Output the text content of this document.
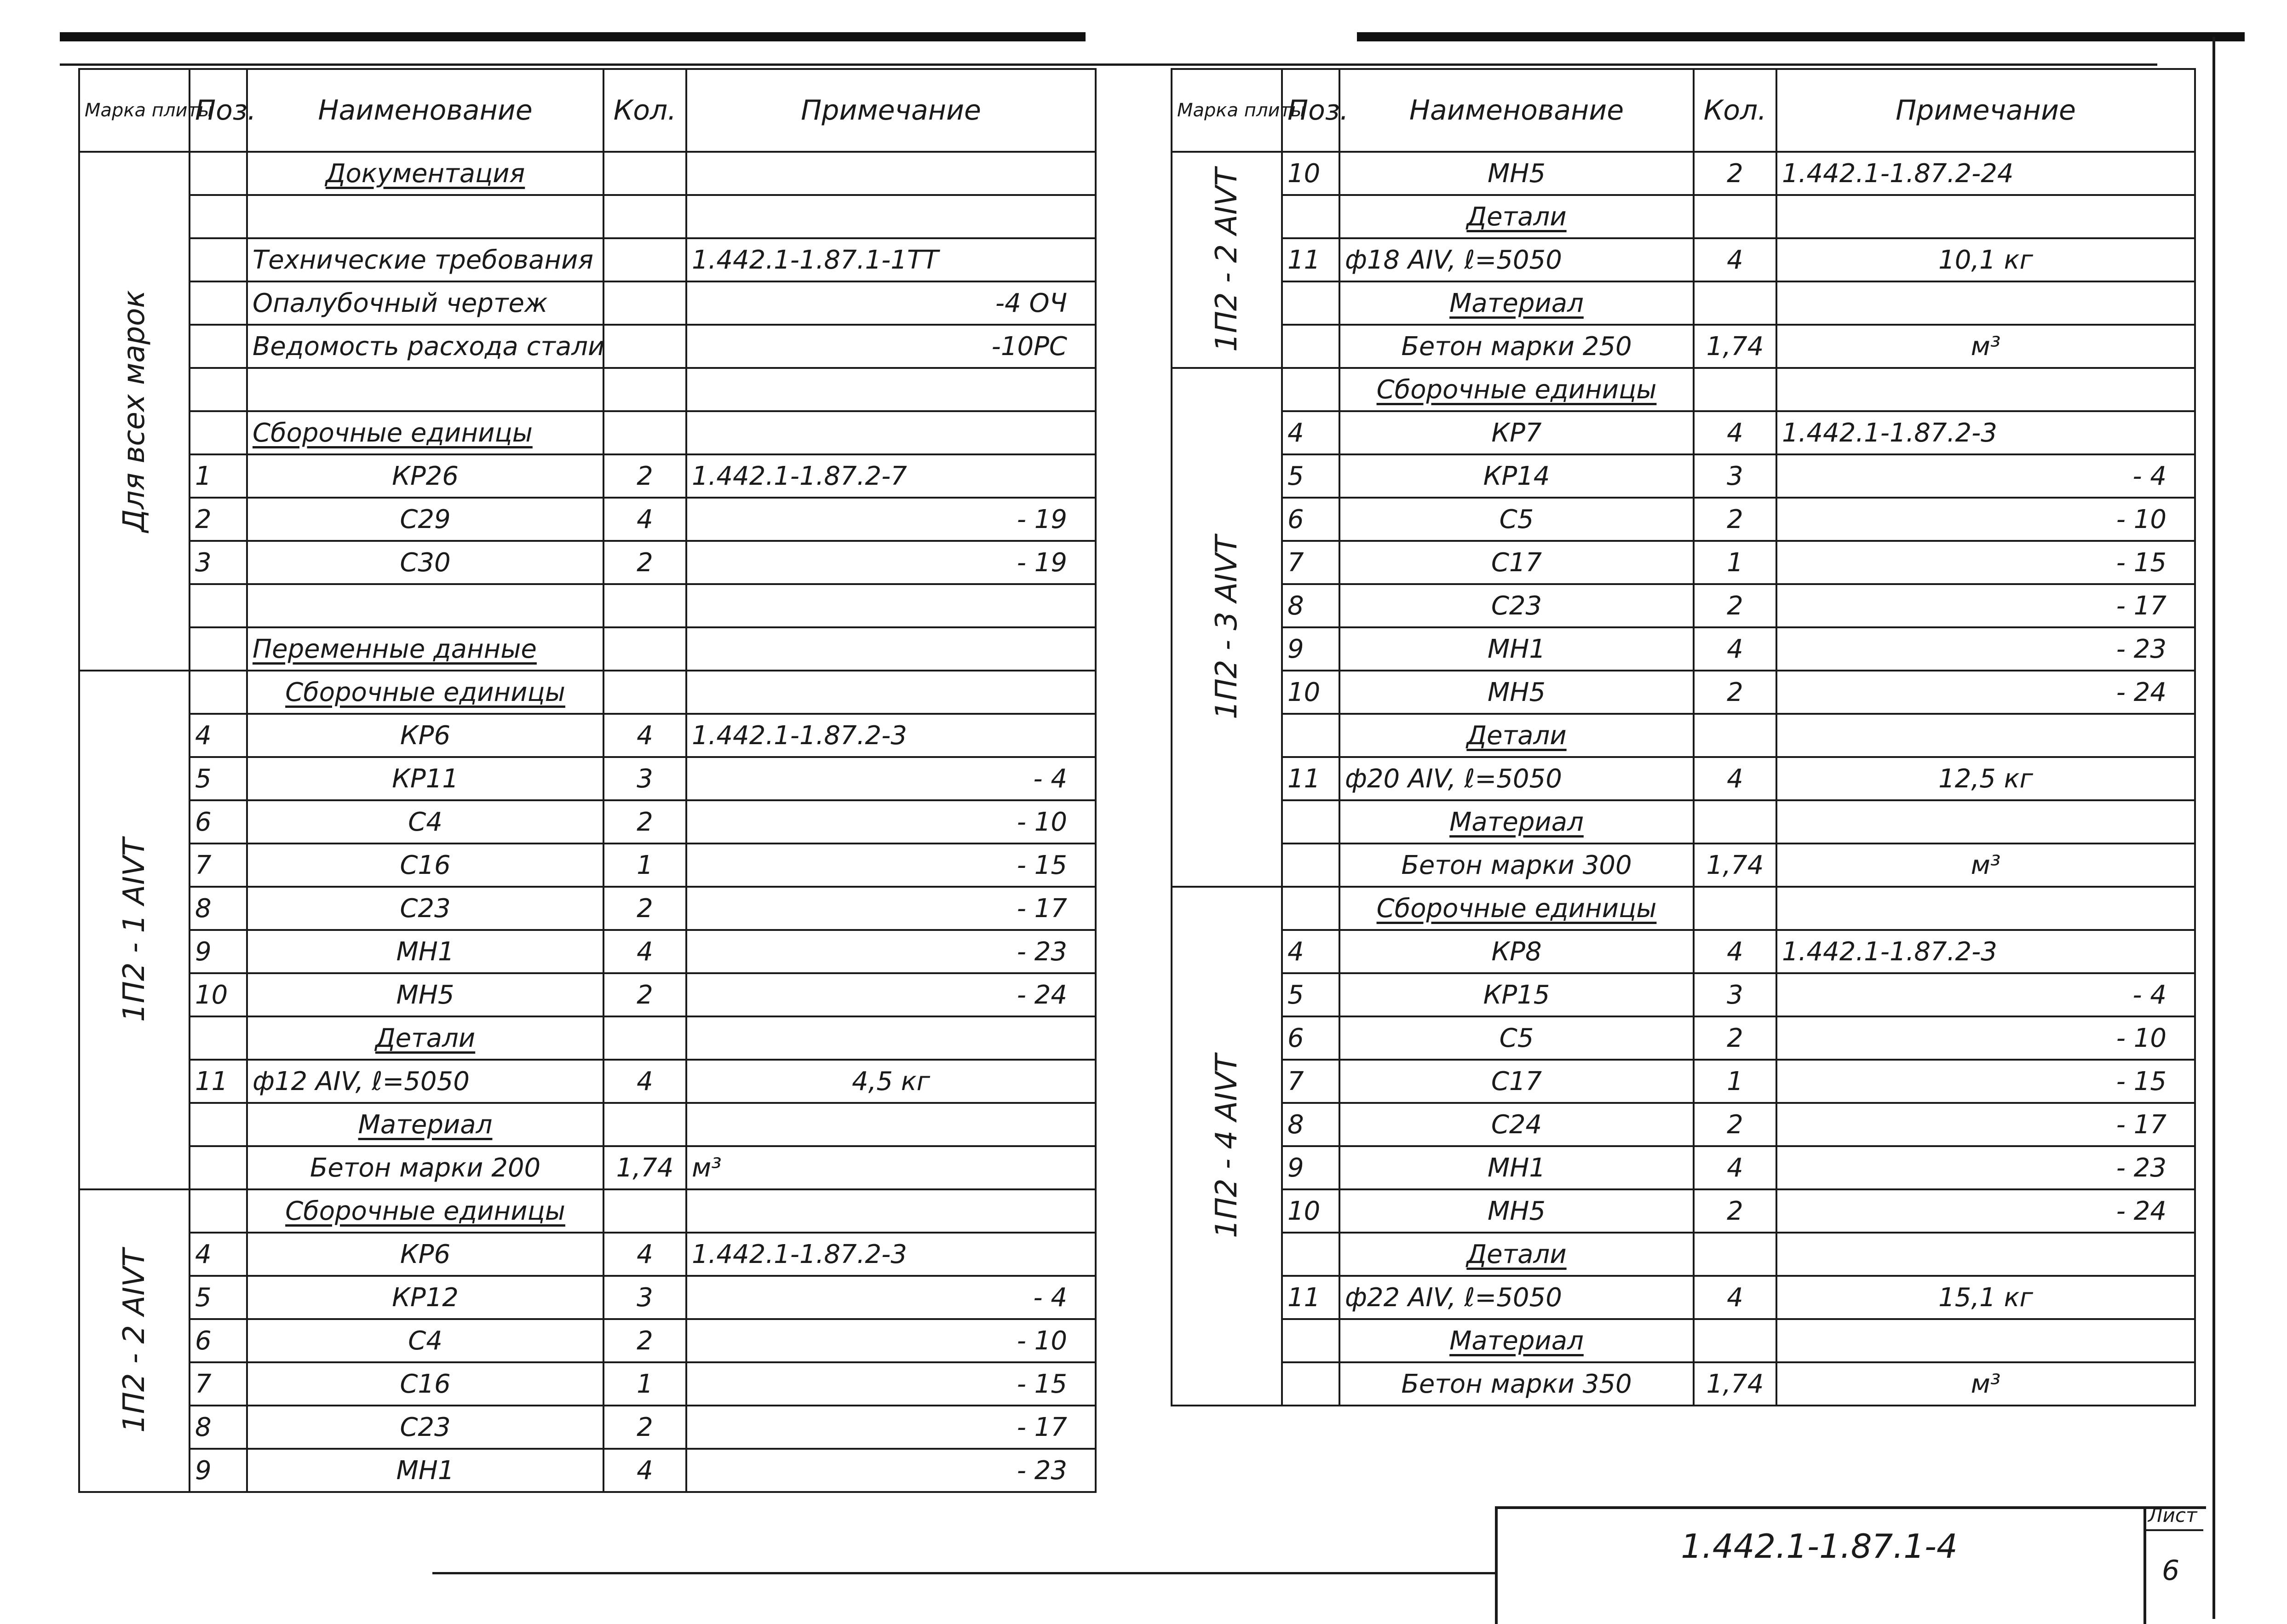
Марка плиты	Поз.	Наименование	Кол.	Примечание

Для всех марок		Документация		

		Технические требования		1.442.1-1.87.1-1ТТ
		Опалубочный чертеж		-4 ОЧ
		Ведомость расхода стали		-10РС

		Сборочные единицы		
	1	КР26	2	1.442.1-1.87.2-7
	2	С29	4	- 19
	3	С30	2	- 19

		Переменные данные		

1П2 - 1 АIVТ		Сборочные единицы		
	4	КР6	4	1.442.1-1.87.2-3
	5	КР11	3	- 4
	6	С4	2	- 10
	7	С16	1	- 15
	8	С23	2	- 17
	9	МН1	4	- 23
	10	МН5	2	- 24
		Детали		
	11	ф12 АIV, ℓ=5050	4	4,5 кг
		Материал		
		Бетон марки 200	1,74	м³

1П2 - 2 АIVТ		Сборочные единицы		
	4	КР6	4	1.442.1-1.87.2-3
	5	КР12	3	- 4
	6	С4	2	- 10
	7	С16	1	- 15
	8	С23	2	- 17
	9	МН1	4	- 23
Марка плиты	Поз.	Наименование	Кол.	Примечание

1П2 - 2 АIVТ	10	МН5	2	1.442.1-1.87.2-24
		Детали		
	11	ф18 АIV, ℓ=5050	4	10,1 кг
		Материал		
		Бетон марки 250	1,74	м³

1П2 - 3 АIVТ		Сборочные единицы		
	4	КР7	4	1.442.1-1.87.2-3
	5	КР14	3	- 4
	6	С5	2	- 10
	7	С17	1	- 15
	8	С23	2	- 17
	9	МН1	4	- 23
	10	МН5	2	- 24
		Детали		
	11	ф20 АIV, ℓ=5050	4	12,5 кг
		Материал		
		Бетон марки 300	1,74	м³

1П2 - 4 АIVТ		Сборочные единицы		
	4	КР8	4	1.442.1-1.87.2-3
	5	КР15	3	- 4
	6	С5	2	- 10
	7	С17	1	- 15
	8	С24	2	- 17
	9	МН1	4	- 23
	10	МН5	2	- 24
		Детали		
	11	ф22 АIV, ℓ=5050	4	15,1 кг
		Материал		
		Бетон марки 350	1,74	м³
1.442.1-1.87.1-4
Лист
6
